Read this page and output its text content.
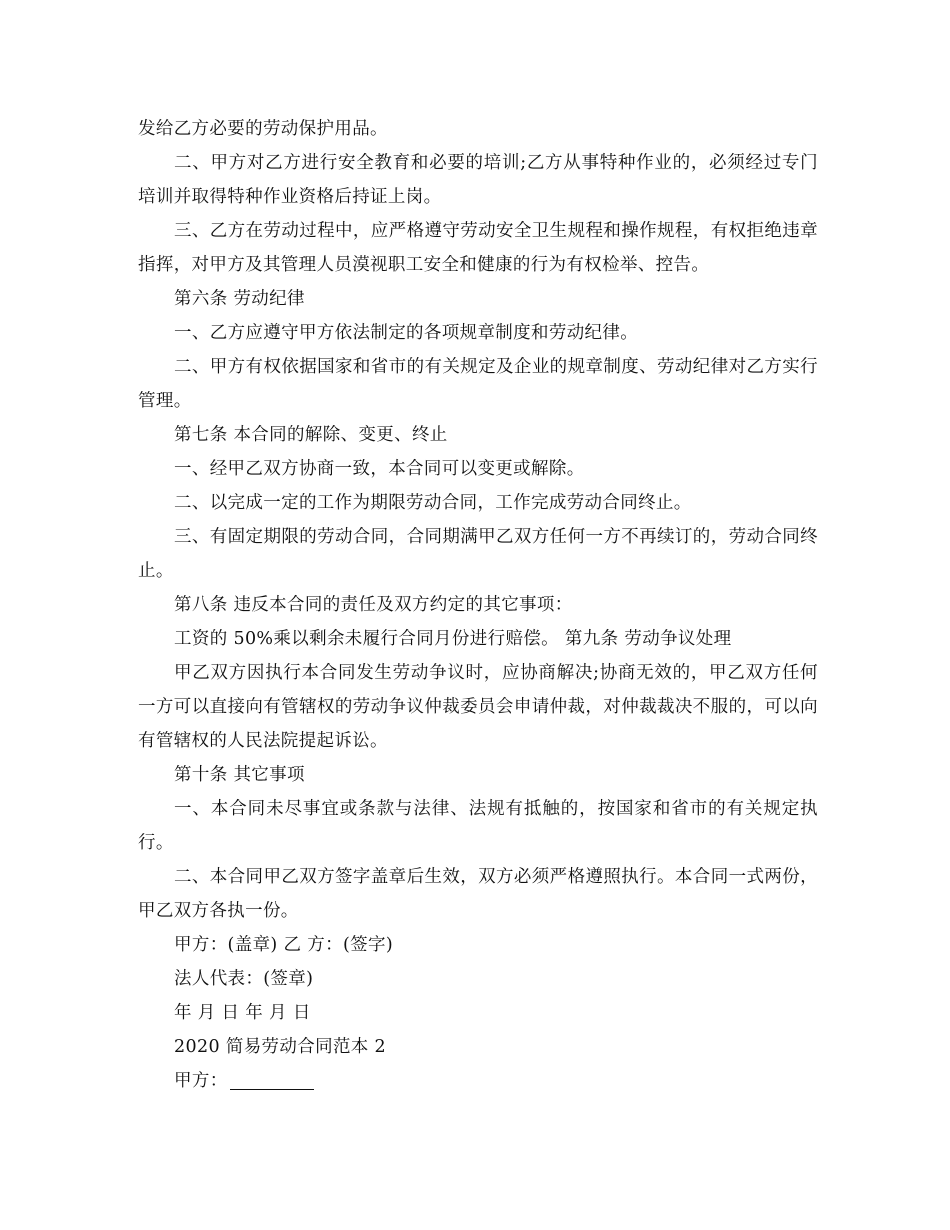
发给乙方必要的劳动保护用品。

二、甲方对乙方进行安全教育和必要的培训;乙方从事特种作业的，必须经过专门培训并取得特种作业资格后持证上岗。

三、乙方在劳动过程中，应严格遵守劳动安全卫生规程和操作规程，有权拒绝违章指挥，对甲方及其管理人员漠视职工安全和健康的行为有权检举、控告。

第六条 劳动纪律

一、乙方应遵守甲方依法制定的各项规章制度和劳动纪律。

二、甲方有权依据国家和省市的有关规定及企业的规章制度、劳动纪律对乙方实行管理。

第七条 本合同的解除、变更、终止

一、经甲乙双方协商一致，本合同可以变更或解除。

二、以完成一定的工作为期限劳动合同，工作完成劳动合同终止。

三、有固定期限的劳动合同，合同期满甲乙双方任何一方不再续订的，劳动合同终止。

第八条 违反本合同的责任及双方约定的其它事项：

工资的 50%乘以剩余未履行合同月份进行赔偿。 第九条 劳动争议处理

甲乙双方因执行本合同发生劳动争议时，应协商解决;协商无效的，甲乙双方任何一方可以直接向有管辖权的劳动争议仲裁委员会申请仲裁，对仲裁裁决不服的，可以向有管辖权的人民法院提起诉讼。

第十条 其它事项

一、本合同未尽事宜或条款与法律、法规有抵触的，按国家和省市的有关规定执行。

二、本合同甲乙双方签字盖章后生效，双方必须严格遵照执行。本合同一式两份，甲乙双方各执一份。

甲方：(盖章) 乙 方：(签字)

法人代表：(签章)

年 月 日 年 月 日

2020 简易劳动合同范本 2

甲方：
